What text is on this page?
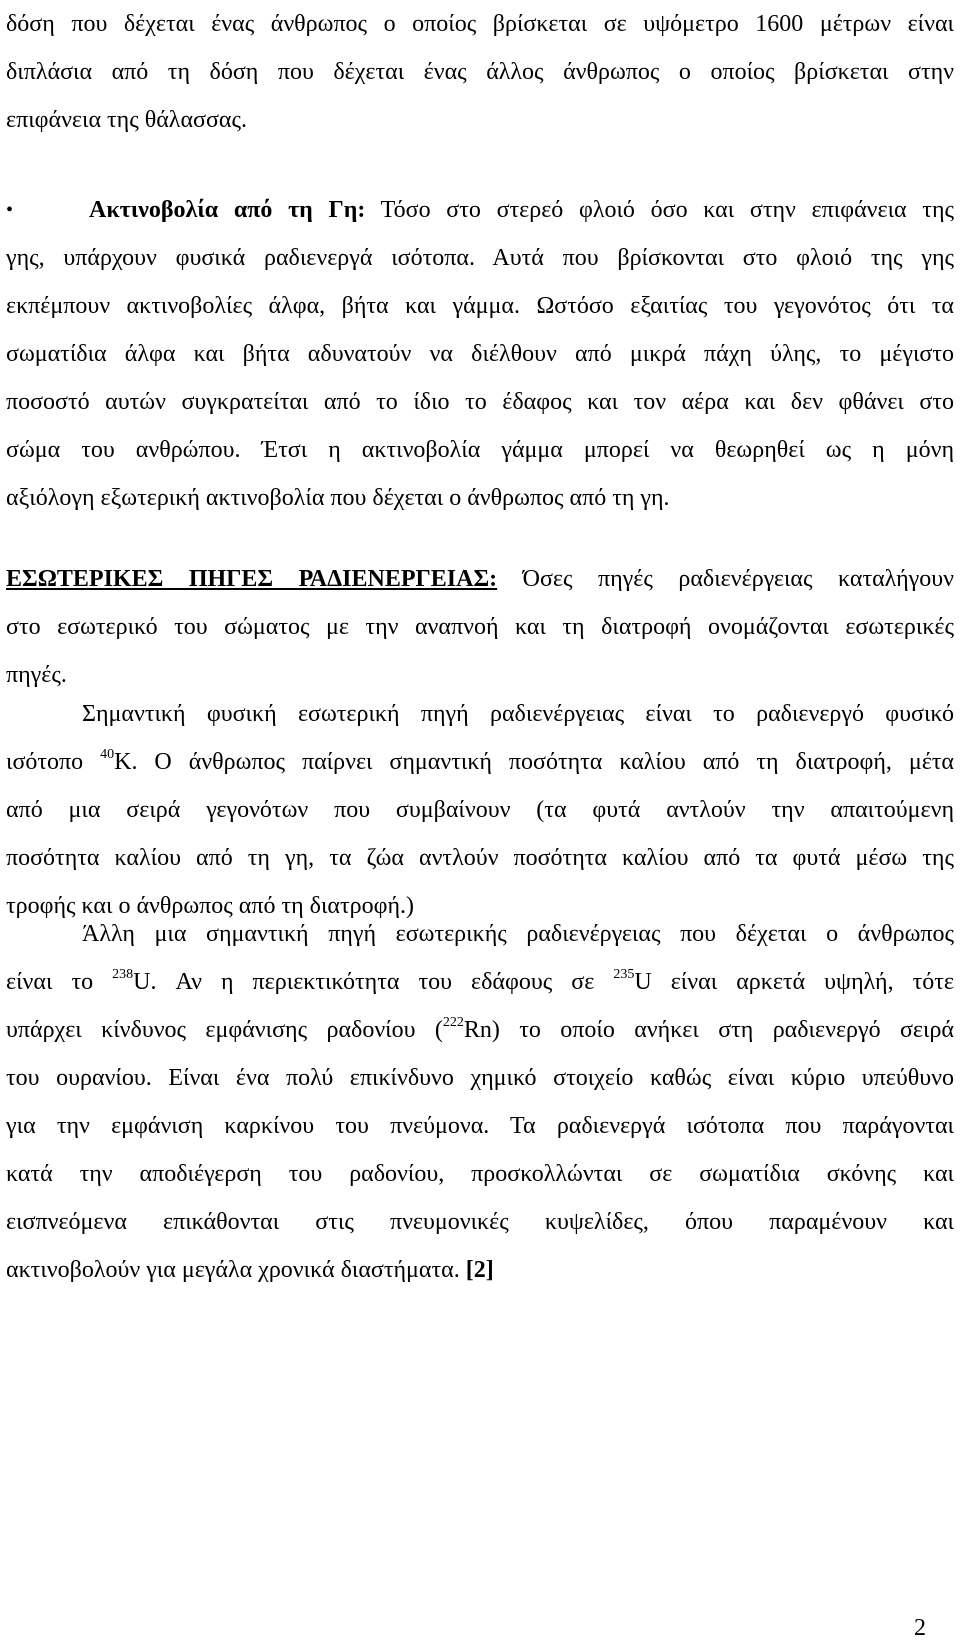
δόση που δέχεται ένας άνθρωπος ο οποίος βρίσκεται σε υψόμετρο 1600 μέτρων είναι
διπλάσια από τη δόση που δέχεται ένας άλλος άνθρωπος ο οποίος βρίσκεται στην
επιφάνεια της θάλασσας.
•	Ακτινοβολία από τη Γη: Τόσο στο στερεό φλοιό όσο και στην επιφάνεια της
γης, υπάρχουν φυσικά ραδιενεργά ισότοπα. Αυτά που βρίσκονται στο φλοιό της γης
εκπέμπουν ακτινοβολίες άλφα, βήτα και γάμμα. Ωστόσο εξαιτίας του γεγονότος ότι τα
σωματίδια άλφα και βήτα αδυνατούν να διέλθουν από μικρά πάχη ύλης, το μέγιστο
ποσοστό αυτών συγκρατείται από το ίδιο το έδαφος και τον αέρα και δεν φθάνει στο
σώμα του ανθρώπου. Έτσι η ακτινοβολία γάμμα μπορεί να θεωρηθεί ως η μόνη
αξιόλογη εξωτερική ακτινοβολία που δέχεται ο άνθρωπος από τη γη.
ΕΣΩΤΕΡΙΚΕΣ ΠΗΓΕΣ ΡΑΔΙΕΝΕΡΓΕΙΑΣ: Όσες πηγές ραδιενέργειας καταλήγουν
στο εσωτερικό του σώματος με την αναπνοή και τη διατροφή ονομάζονται εσωτερικές
πηγές.
Σημαντική φυσική εσωτερική πηγή ραδιενέργειας είναι το ραδιενεργό φυσικό
ισότοπο $^{40}$K. Ο άνθρωπος παίρνει σημαντική ποσότητα καλίου από τη διατροφή, μέτα
από μια σειρά γεγονότων που συμβαίνουν (τα φυτά αντλούν την απαιτούμενη
ποσότητα καλίου από τη γη, τα ζώα αντλούν ποσότητα καλίου από τα φυτά μέσω της
τροφής και ο άνθρωπος από τη διατροφή.)
Άλλη μια σημαντική πηγή εσωτερικής ραδιενέργειας που δέχεται ο άνθρωπος
είναι το $^{238}$U. Αν η περιεκτικότητα του εδάφους σε $^{235}$U είναι αρκετά υψηλή, τότε
υπάρχει κίνδυνος εμφάνισης ραδονίου ($^{222}$Rn) το οποίο ανήκει στη ραδιενεργό σειρά
του ουρανίου. Είναι ένα πολύ επικίνδυνο χημικό στοιχείο καθώς είναι κύριο υπεύθυνο
για την εμφάνιση καρκίνου του πνεύμονα. Τα ραδιενεργά ισότοπα που παράγονται
κατά την αποδιέγερση του ραδονίου, προσκολλώνται σε σωματίδια σκόνης και
εισπνεόμενα επικάθονται στις πνευμονικές κυψελίδες, όπου παραμένουν και
ακτινοβολούν για μεγάλα χρονικά διαστήματα. [2]
2
